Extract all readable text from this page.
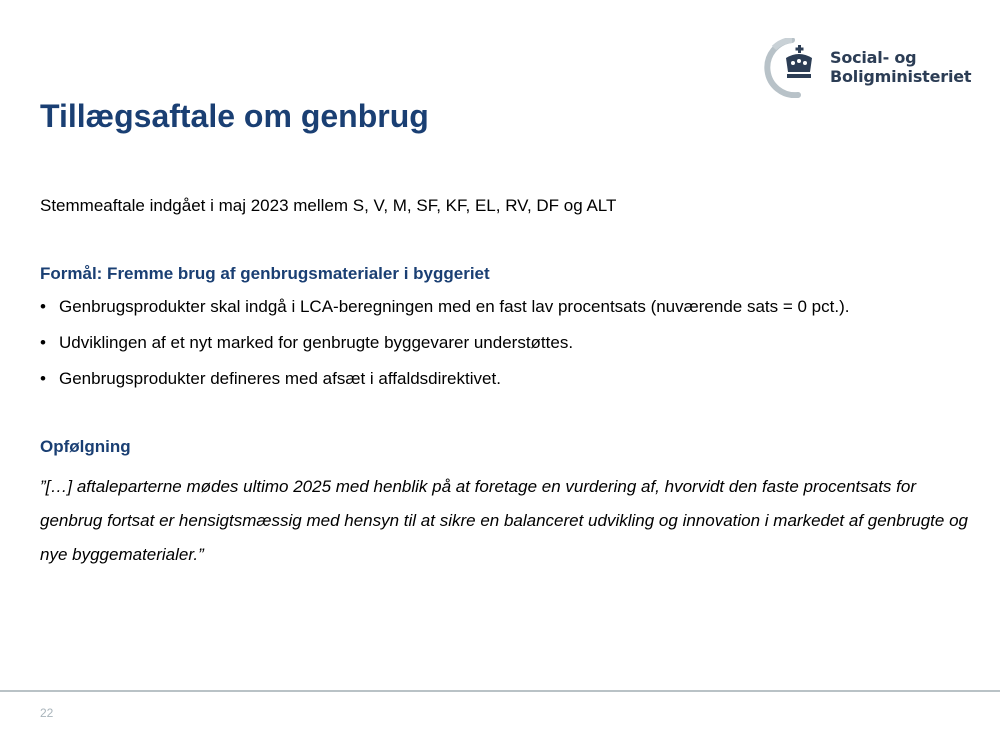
Social- og
Boligministeriet
Tillægsaftale om genbrug

Stemmeaftale indgået i maj 2023 mellem S, V, M, SF, KF, EL, RV, DF og ALT

Formål: Fremme brug af genbrugsmaterialer i byggeriet
• Genbrugsprodukter skal indgå i LCA-beregningen med en fast lav procentsats (nuværende sats = 0 pct.).
• Udviklingen af et nyt marked for genbrugte byggevarer understøttes.
• Genbrugsprodukter defineres med afsæt i affaldsdirektivet.
Opfølgning

”[…] aftaleparterne mødes ultimo 2025 med henblik på at foretage en vurdering af, hvorvidt den faste procentsats for genbrug fortsat er hensigtsmæssig med hensyn til at sikre en balanceret udvikling og innovation i markedet af genbrugte og nye byggematerialer.”

22
